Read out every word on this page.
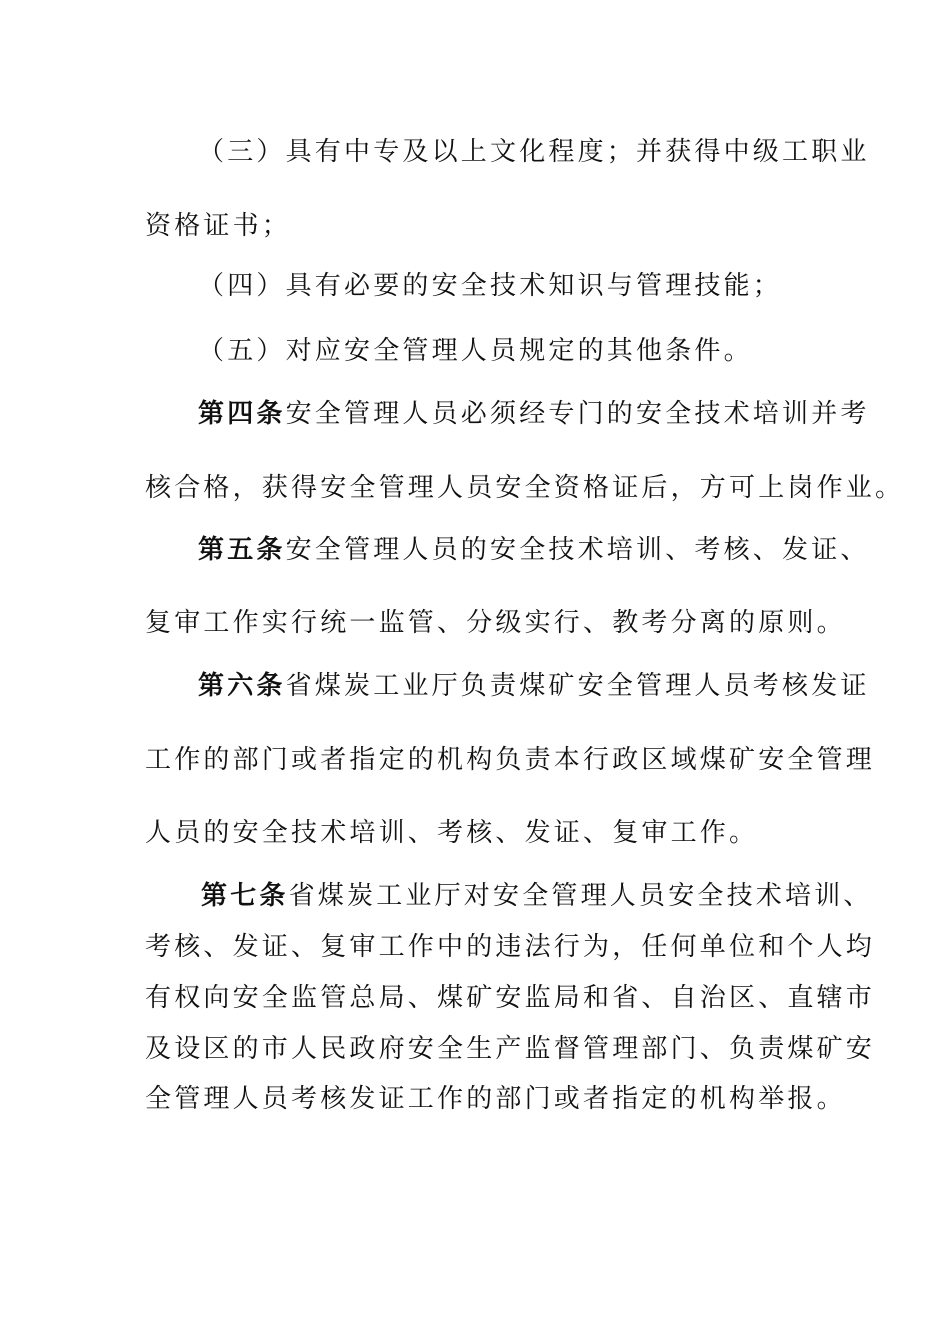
（三）具有中专及以上文化程度；并获得中级工职业
资格证书；
（四）具有必要的安全技术知识与管理技能；
（五）对应安全管理人员规定的其他条件。
第四条安全管理人员必须经专门的安全技术培训并考
核合格，获得安全管理人员安全资格证后，方可上岗作业。
第五条安全管理人员的安全技术培训、考核、发证、
复审工作实行统一监管、分级实行、教考分离的原则。
第六条省煤炭工业厅负责煤矿安全管理人员考核发证
工作的部门或者指定的机构负责本行政区域煤矿安全管理
人员的安全技术培训、考核、发证、复审工作。
第七条省煤炭工业厅对安全管理人员安全技术培训、
考核、发证、复审工作中的违法行为，任何单位和个人均
有权向安全监管总局、煤矿安监局和省、自治区、直辖市
及设区的市人民政府安全生产监督管理部门、负责煤矿安
全管理人员考核发证工作的部门或者指定的机构举报。
